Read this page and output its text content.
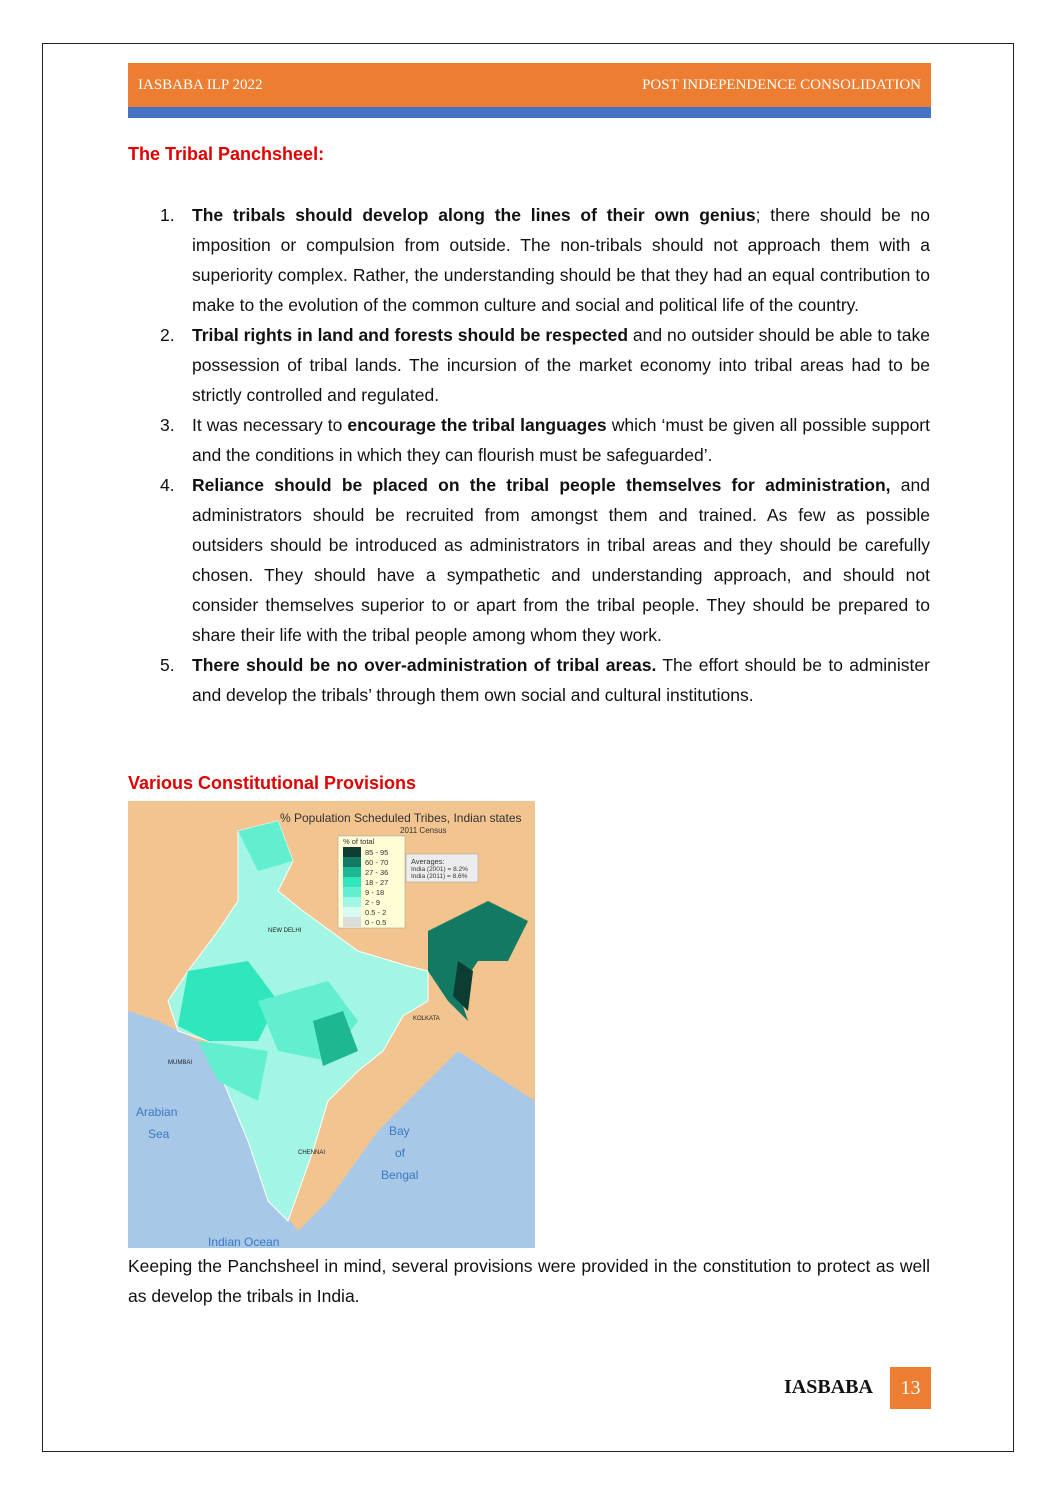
IASBABA ILP 2022	POST INDEPENDENCE CONSOLIDATION
The Tribal Panchsheel:
1. The tribals should develop along the lines of their own genius; there should be no imposition or compulsion from outside. The non-tribals should not approach them with a superiority complex. Rather, the understanding should be that they had an equal contribution to make to the evolution of the common culture and social and political life of the country.
2. Tribal rights in land and forests should be respected and no outsider should be able to take possession of tribal lands. The incursion of the market economy into tribal areas had to be strictly controlled and regulated.
3. It was necessary to encourage the tribal languages which ‘must be given all possible support and the conditions in which they can flourish must be safeguarded’.
4. Reliance should be placed on the tribal people themselves for administration, and administrators should be recruited from amongst them and trained. As few as possible outsiders should be introduced as administrators in tribal areas and they should be carefully chosen. They should have a sympathetic and understanding approach, and should not consider themselves superior to or apart from the tribal people. They should be prepared to share their life with the tribal people among whom they work.
5. There should be no over-administration of tribal areas. The effort should be to administer and develop the tribals’ through them own social and cultural institutions.
Various Constitutional Provisions
% Population Scheduled Tribes, Indian states
2011 Census
% of total
85 - 95
60 - 70
27 - 36
18 - 27
9 - 18
2 - 9
0.5 - 2
0 - 0.5
Averages:
India (2001) = 8.2%
India (2011) = 8.6%
NEW DELHI
MUMBAI
KOLKATA
CHENNAI
Arabian
Sea	Bay
of
Bengal
Indian Ocean
Keeping the Panchsheel in mind, several provisions were provided in the constitution to protect as well as develop the tribals in India.
IASBABA	13
